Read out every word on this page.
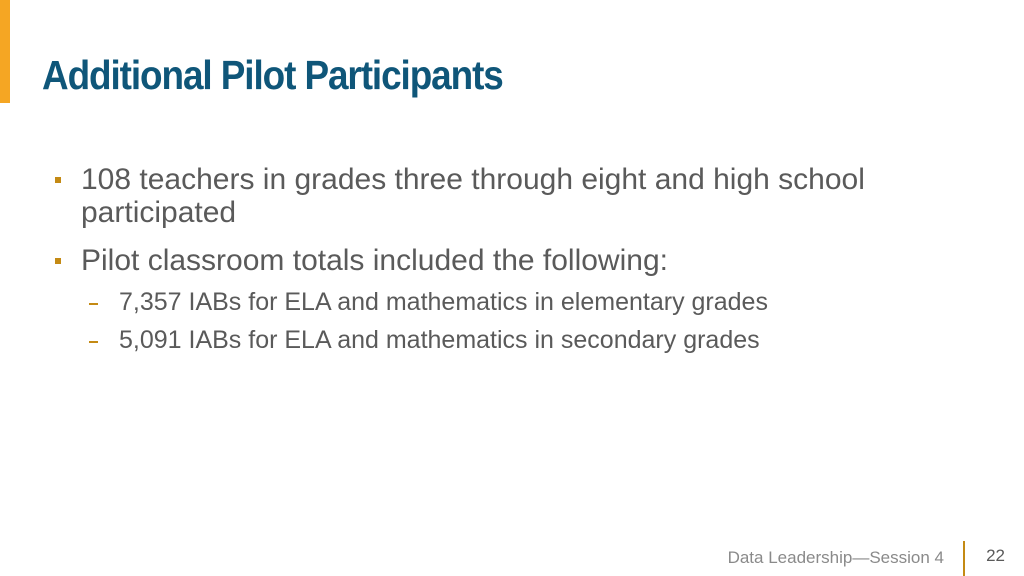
Additional Pilot Participants
108 teachers in grades three through eight and high school participated
Pilot classroom totals included the following:
7,357 IABs for ELA and mathematics in elementary grades
5,091 IABs for ELA and mathematics in secondary grades
Data Leadership—Session 4 22
